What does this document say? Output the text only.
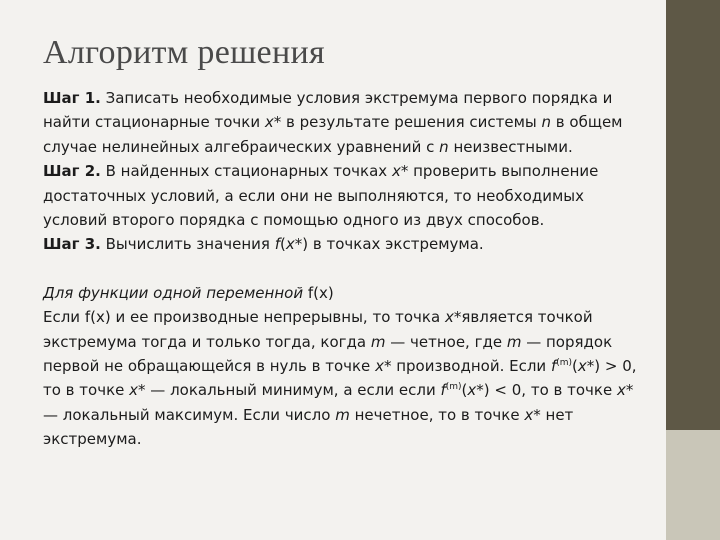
Алгоритм решения

Шаг 1. Записать необходимые условия экстремума первого порядка и найти стационарные точки x* в результате решения системы n в общем случае нелинейных алгебраических уравнений с n неизвестными.

Шаг 2. В найденных стационарных точках x* проверить выполнение достаточных условий, а если они не выполняются, то необходимых условий второго порядка с помощью одного из двух способов.

Шаг 3. Вычислить значения f(x*) в точках экстремума.

Для функции одной переменной f(x)

Если f(x) и ее производные непрерывны, то точка x*является точкой экстремума тогда и только тогда, когда m — четное, где m — порядок первой не обращающейся в нуль в точке x* производной. Если $f^{(m)}(x*) > 0$, то в точке x* — локальный минимум, а если если $f^{(m)}(x*) < 0$, то в точке x* — локальный максимум. Если число m нечетное, то в точке x* нет экстремума.
